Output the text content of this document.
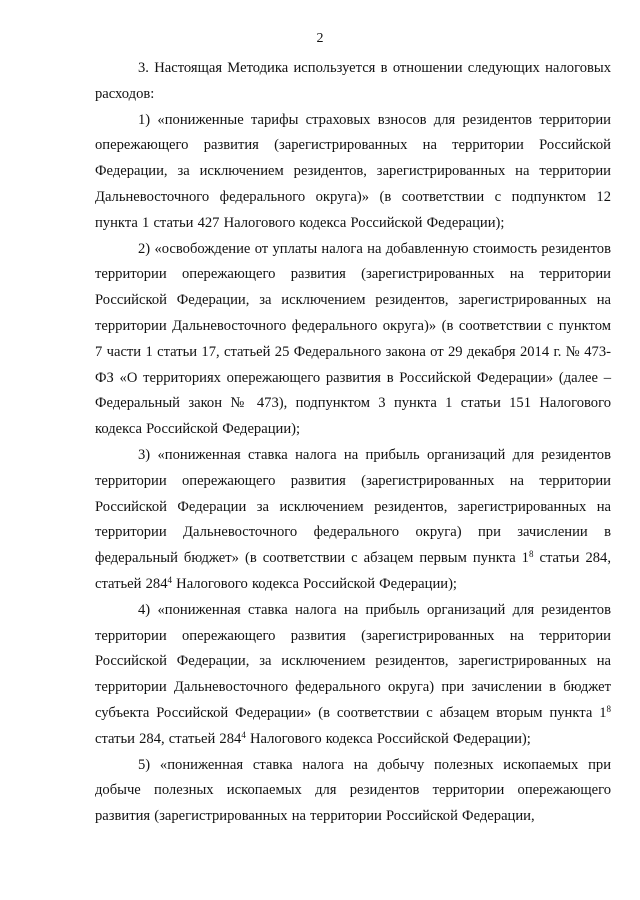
2

3. Настоящая Методика используется в отношении следующих налоговых расходов:

1) «пониженные тарифы страховых взносов для резидентов территории опережающего развития (зарегистрированных на территории Российской Федерации, за исключением резидентов, зарегистрированных на территории Дальневосточного федерального округа)» (в соответствии с подпунктом 12 пункта 1 статьи 427 Налогового кодекса Российской Федерации);

2) «освобождение от уплаты налога на добавленную стоимость резидентов территории опережающего развития (зарегистрированных на территории Российской Федерации, за исключением резидентов, зарегистрированных на территории Дальневосточного федерального округа)» (в соответствии с пунктом 7 части 1 статьи 17, статьей 25 Федерального закона от 29 декабря 2014 г. № 473-ФЗ «О территориях опережающего развития в Российской Федерации» (далее – Федеральный закон № 473), подпунктом 3 пункта 1 статьи 151 Налогового кодекса Российской Федерации);

3) «пониженная ставка налога на прибыль организаций для резидентов территории опережающего развития (зарегистрированных на территории Российской Федерации за исключением резидентов, зарегистрированных на территории Дальневосточного федерального округа) при зачислении в федеральный бюджет» (в соответствии с абзацем первым пункта $1^8$ статьи 284, статьей $284^4$ Налогового кодекса Российской Федерации);

4) «пониженная ставка налога на прибыль организаций для резидентов территории опережающего развития (зарегистрированных на территории Российской Федерации, за исключением резидентов, зарегистрированных на территории Дальневосточного федерального округа) при зачислении в бюджет субъекта Российской Федерации» (в соответствии с абзацем вторым пункта $1^8$ статьи 284, статьей $284^4$ Налогового кодекса Российской Федерации);

5) «пониженная ставка налога на добычу полезных ископаемых при добыче полезных ископаемых для резидентов территории опережающего развития (зарегистрированных на территории Российской Федерации,
